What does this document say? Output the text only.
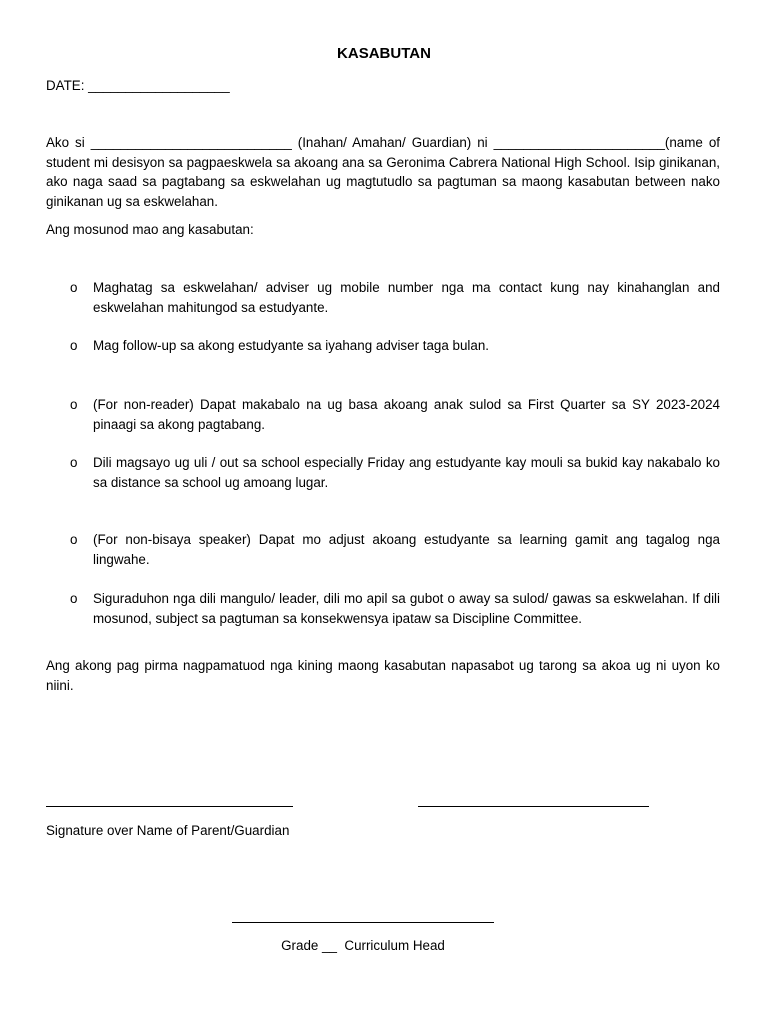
KASABUTAN
DATE: ___________________
Ako si ___________________________ (Inahan/ Amahan/ Guardian) ni _______________________(name of student mi desisyon sa pagpaeskwela sa akoang ana sa Geronima Cabrera National High School. Isip ginikanan, ako naga saad sa pagtabang sa eskwelahan ug magtutudlo sa pagtuman sa maong kasabutan between nako ginikanan ug sa eskwelahan.
Ang mosunod mao ang kasabutan:
o	Maghatag sa eskwelahan/ adviser ug mobile number nga ma contact kung nay kinahanglan and eskwelahan mahitungod sa estudyante.
o	Mag follow-up sa akong estudyante sa iyahang adviser taga bulan.
o	(For non-reader) Dapat makabalo na ug basa akoang anak sulod sa First Quarter sa SY 2023-2024 pinaagi sa akong pagtabang.
o	Dili magsayo ug uli / out sa school especially Friday ang estudyante kay mouli sa bukid kay nakabalo ko sa distance sa school ug amoang lugar.
o	(For non-bisaya speaker) Dapat mo adjust akoang estudyante sa learning gamit ang tagalog nga lingwahe.
o	Siguraduhon nga dili mangulo/ leader, dili mo apil sa gubot o away sa sulod/ gawas sa eskwelahan. If dili mosunod, subject sa pagtuman sa konsekwensya ipataw sa Discipline Committee.
Ang akong pag pirma nagpamatuod nga kining maong kasabutan napasabot ug tarong sa akoa ug ni uyon ko niini.
Signature over Name of Parent/Guardian
Grade __  Curriculum Head
